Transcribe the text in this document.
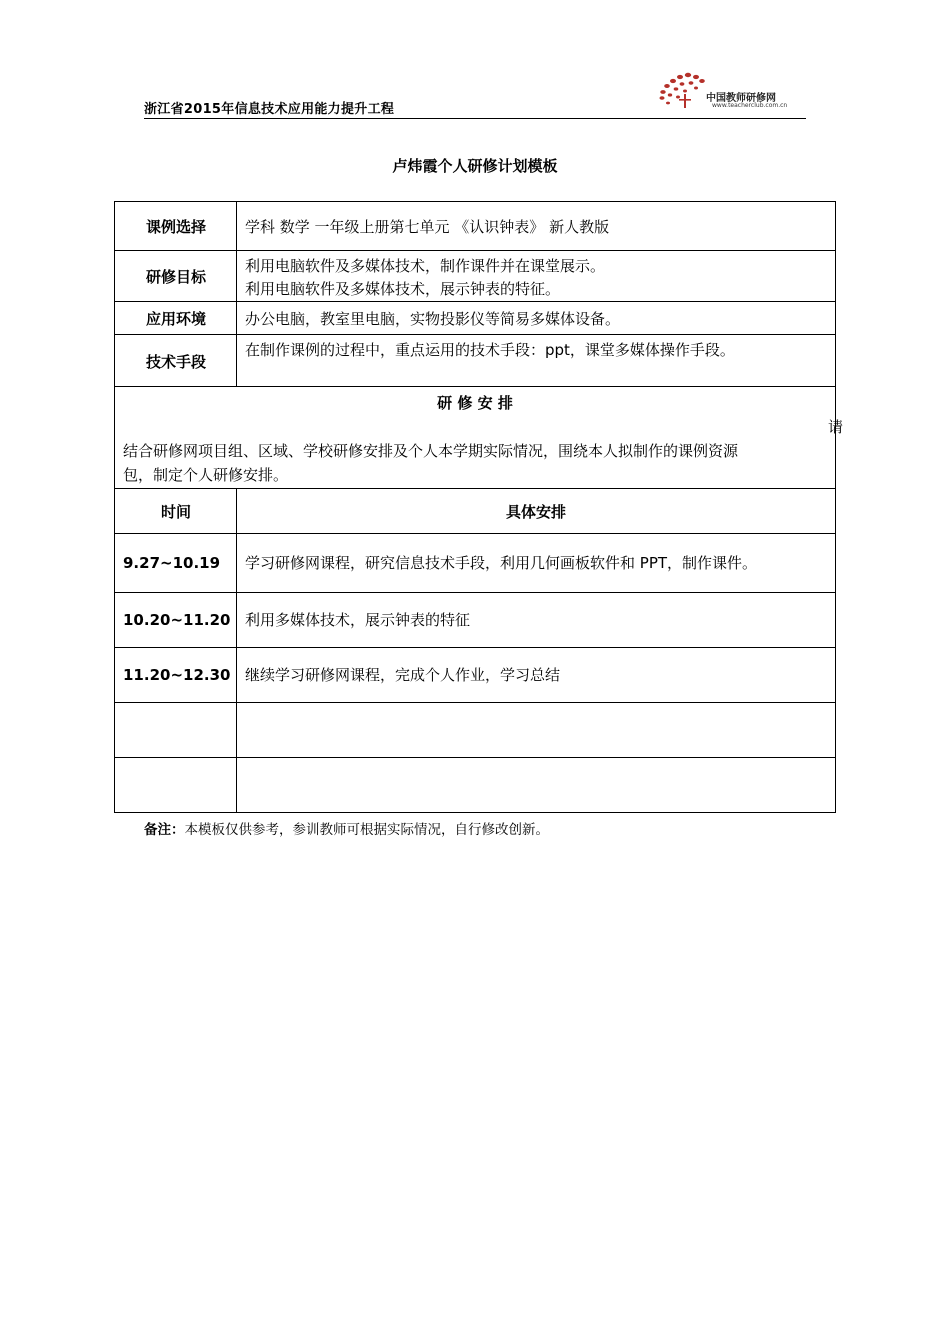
浙江省2015年信息技术应用能力提升工程
中国教师研修网
www.teacherclub.com.cn
卢炜霞个人研修计划模板
课例选择
研修目标
应用环境
技术手段
学科 数学 一年级上册第七单元 《认识钟表》 新人教版
利用电脑软件及多媒体技术，制作课件并在课堂展示。
利用电脑软件及多媒体技术，展示钟表的特征。
办公电脑，教室里电脑，实物投影仪等简易多媒体设备。
在制作课例的过程中，重点运用的技术手段：ppt，课堂多媒体操作手段。
研 修 安 排
请
结合研修网项目组、区域、学校研修安排及个人本学期实际情况，围绕本人拟制作的课例资源
包，制定个人研修安排。
时间	具体安排
9.27~10.19 学习研修网课程，研究信息技术手段，利用几何画板软件和 PPT，制作课件。
10.20~11.20 利用多媒体技术，展示钟表的特征
11.20~12.30 继续学习研修网课程，完成个人作业，学习总结
备注：本模板仅供参考，参训教师可根据实际情况，自行修改创新。
